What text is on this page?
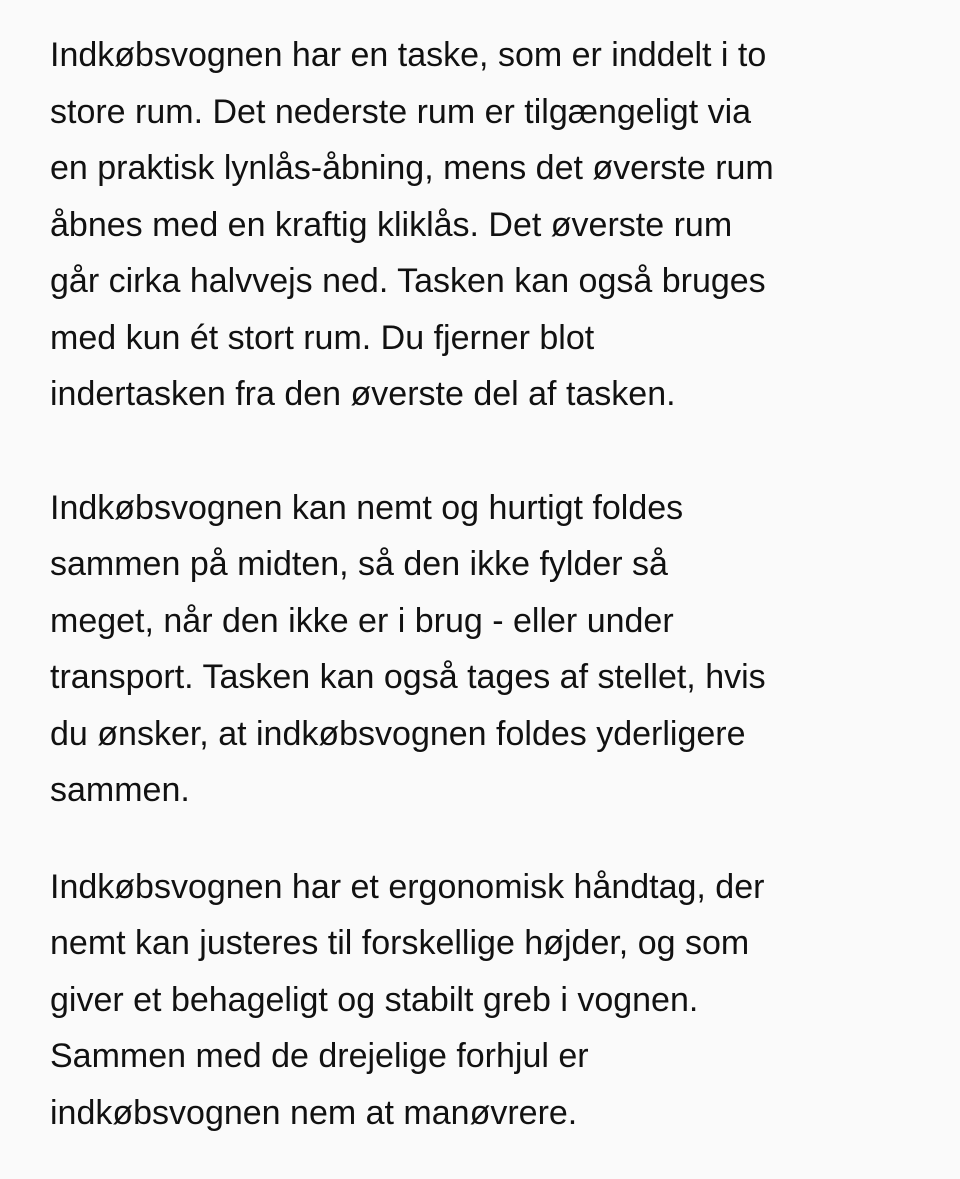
Indkøbsvognen har en taske, som er inddelt i to
store rum. Det nederste rum er tilgængeligt via
en praktisk lynlås-åbning, mens det øverste rum
åbnes med en kraftig kliklås. Det øverste rum
går cirka halvvejs ned. Tasken kan også bruges
med kun ét stort rum. Du fjerner blot
indertasken fra den øverste del af tasken.
Indkøbsvognen kan nemt og hurtigt foldes
sammen på midten, så den ikke fylder så
meget, når den ikke er i brug - eller under
transport. Tasken kan også tages af stellet, hvis
du ønsker, at indkøbsvognen foldes yderligere
sammen.
Indkøbsvognen har et ergonomisk håndtag, der
nemt kan justeres til forskellige højder, og som
giver et behageligt og stabilt greb i vognen.
Sammen med de drejelige forhjul er
indkøbsvognen nem at manøvrere.
